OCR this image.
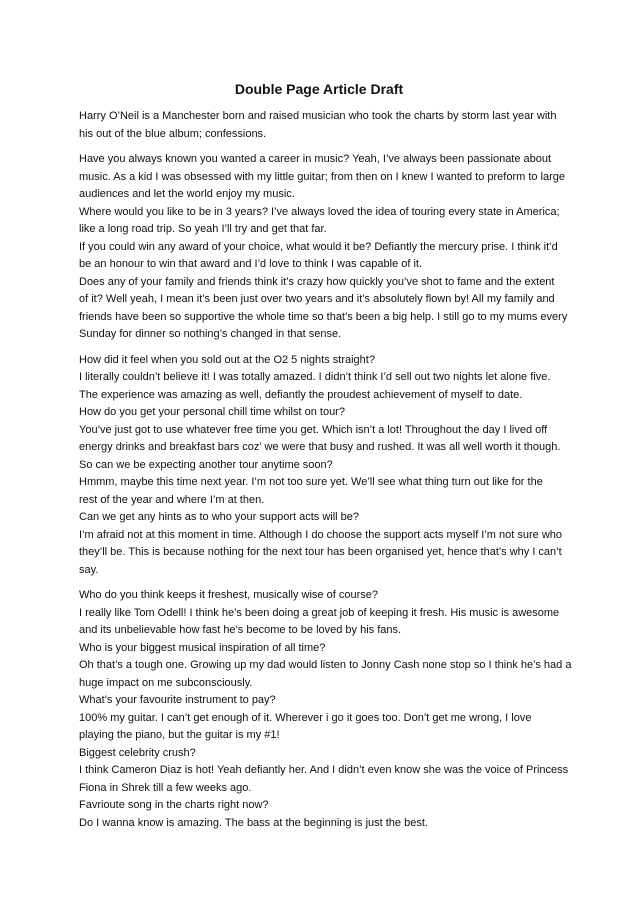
Double Page Article Draft
Harry O’Neil is a Manchester born and raised musician who took the charts by storm last year with
his out of the blue album; confessions.
Have you always known you wanted a career in music? Yeah, I’ve always been passionate about
music. As a kid I was obsessed with my little guitar; from then on I knew I wanted to preform to large
audiences and let the world enjoy my music.
Where would you like to be in 3 years? I’ve always loved the idea of touring every state in America;
like a long road trip. So yeah I’ll try and get that far.
If you could win any award of your choice, what would it be? Defiantly the mercury prise. I think it’d
be an honour to win that award and I’d love to think I was capable of it.
Does any of your family and friends think it’s crazy how quickly you’ve shot to fame and the extent
of it? Well yeah, I mean it’s been just over two years and it’s absolutely flown by! All my family and
friends have been so supportive the whole time so that’s been a big help. I still go to my mums every
Sunday for dinner so nothing’s changed in that sense.
How did it feel when you sold out at the O2 5 nights straight?
I literally couldn’t believe it! I was totally amazed. I didn’t think I’d sell out two nights let alone five.
The experience was amazing as well, defiantly the proudest achievement of myself to date.
How do you get your personal chill time whilst on tour?
You’ve just got to use whatever free time you get. Which isn’t a lot! Throughout the day I lived off
energy drinks and breakfast bars coz’ we were that busy and rushed. It was all well worth it though.
So can we be expecting another tour anytime soon?
Hmmm, maybe this time next year. I’m not too sure yet. We’ll see what thing turn out like for the
rest of the year and where I’m at then.
Can we get any hints as to who your support acts will be?
I’m afraid not at this moment in time. Although I do choose the support acts myself I’m not sure who
they’ll be. This is because nothing for the next tour has been organised yet, hence that’s why I can’t
say.
Who do you think keeps it freshest, musically wise of course?
I really like Tom Odell! I think he’s been doing a great job of keeping it fresh. His music is awesome
and its unbelievable how fast he’s become to be loved by his fans.
Who is your biggest musical inspiration of all time?
Oh that’s a tough one. Growing up my dad would listen to Jonny Cash none stop so I think he’s had a
huge impact on me subconsciously.
What’s your favourite instrument to pay?
100% my guitar. I can’t get enough of it. Wherever i go it goes too. Don’t get me wrong, I love
playing the piano, but the guitar is my #1!
Biggest celebrity crush?
I think Cameron Diaz is hot! Yeah defiantly her. And I didn’t even know she was the voice of Princess
Fiona in Shrek till a few weeks ago.
Favrioute song in the charts right now?
Do I wanna know is amazing. The bass at the beginning is just the best.
